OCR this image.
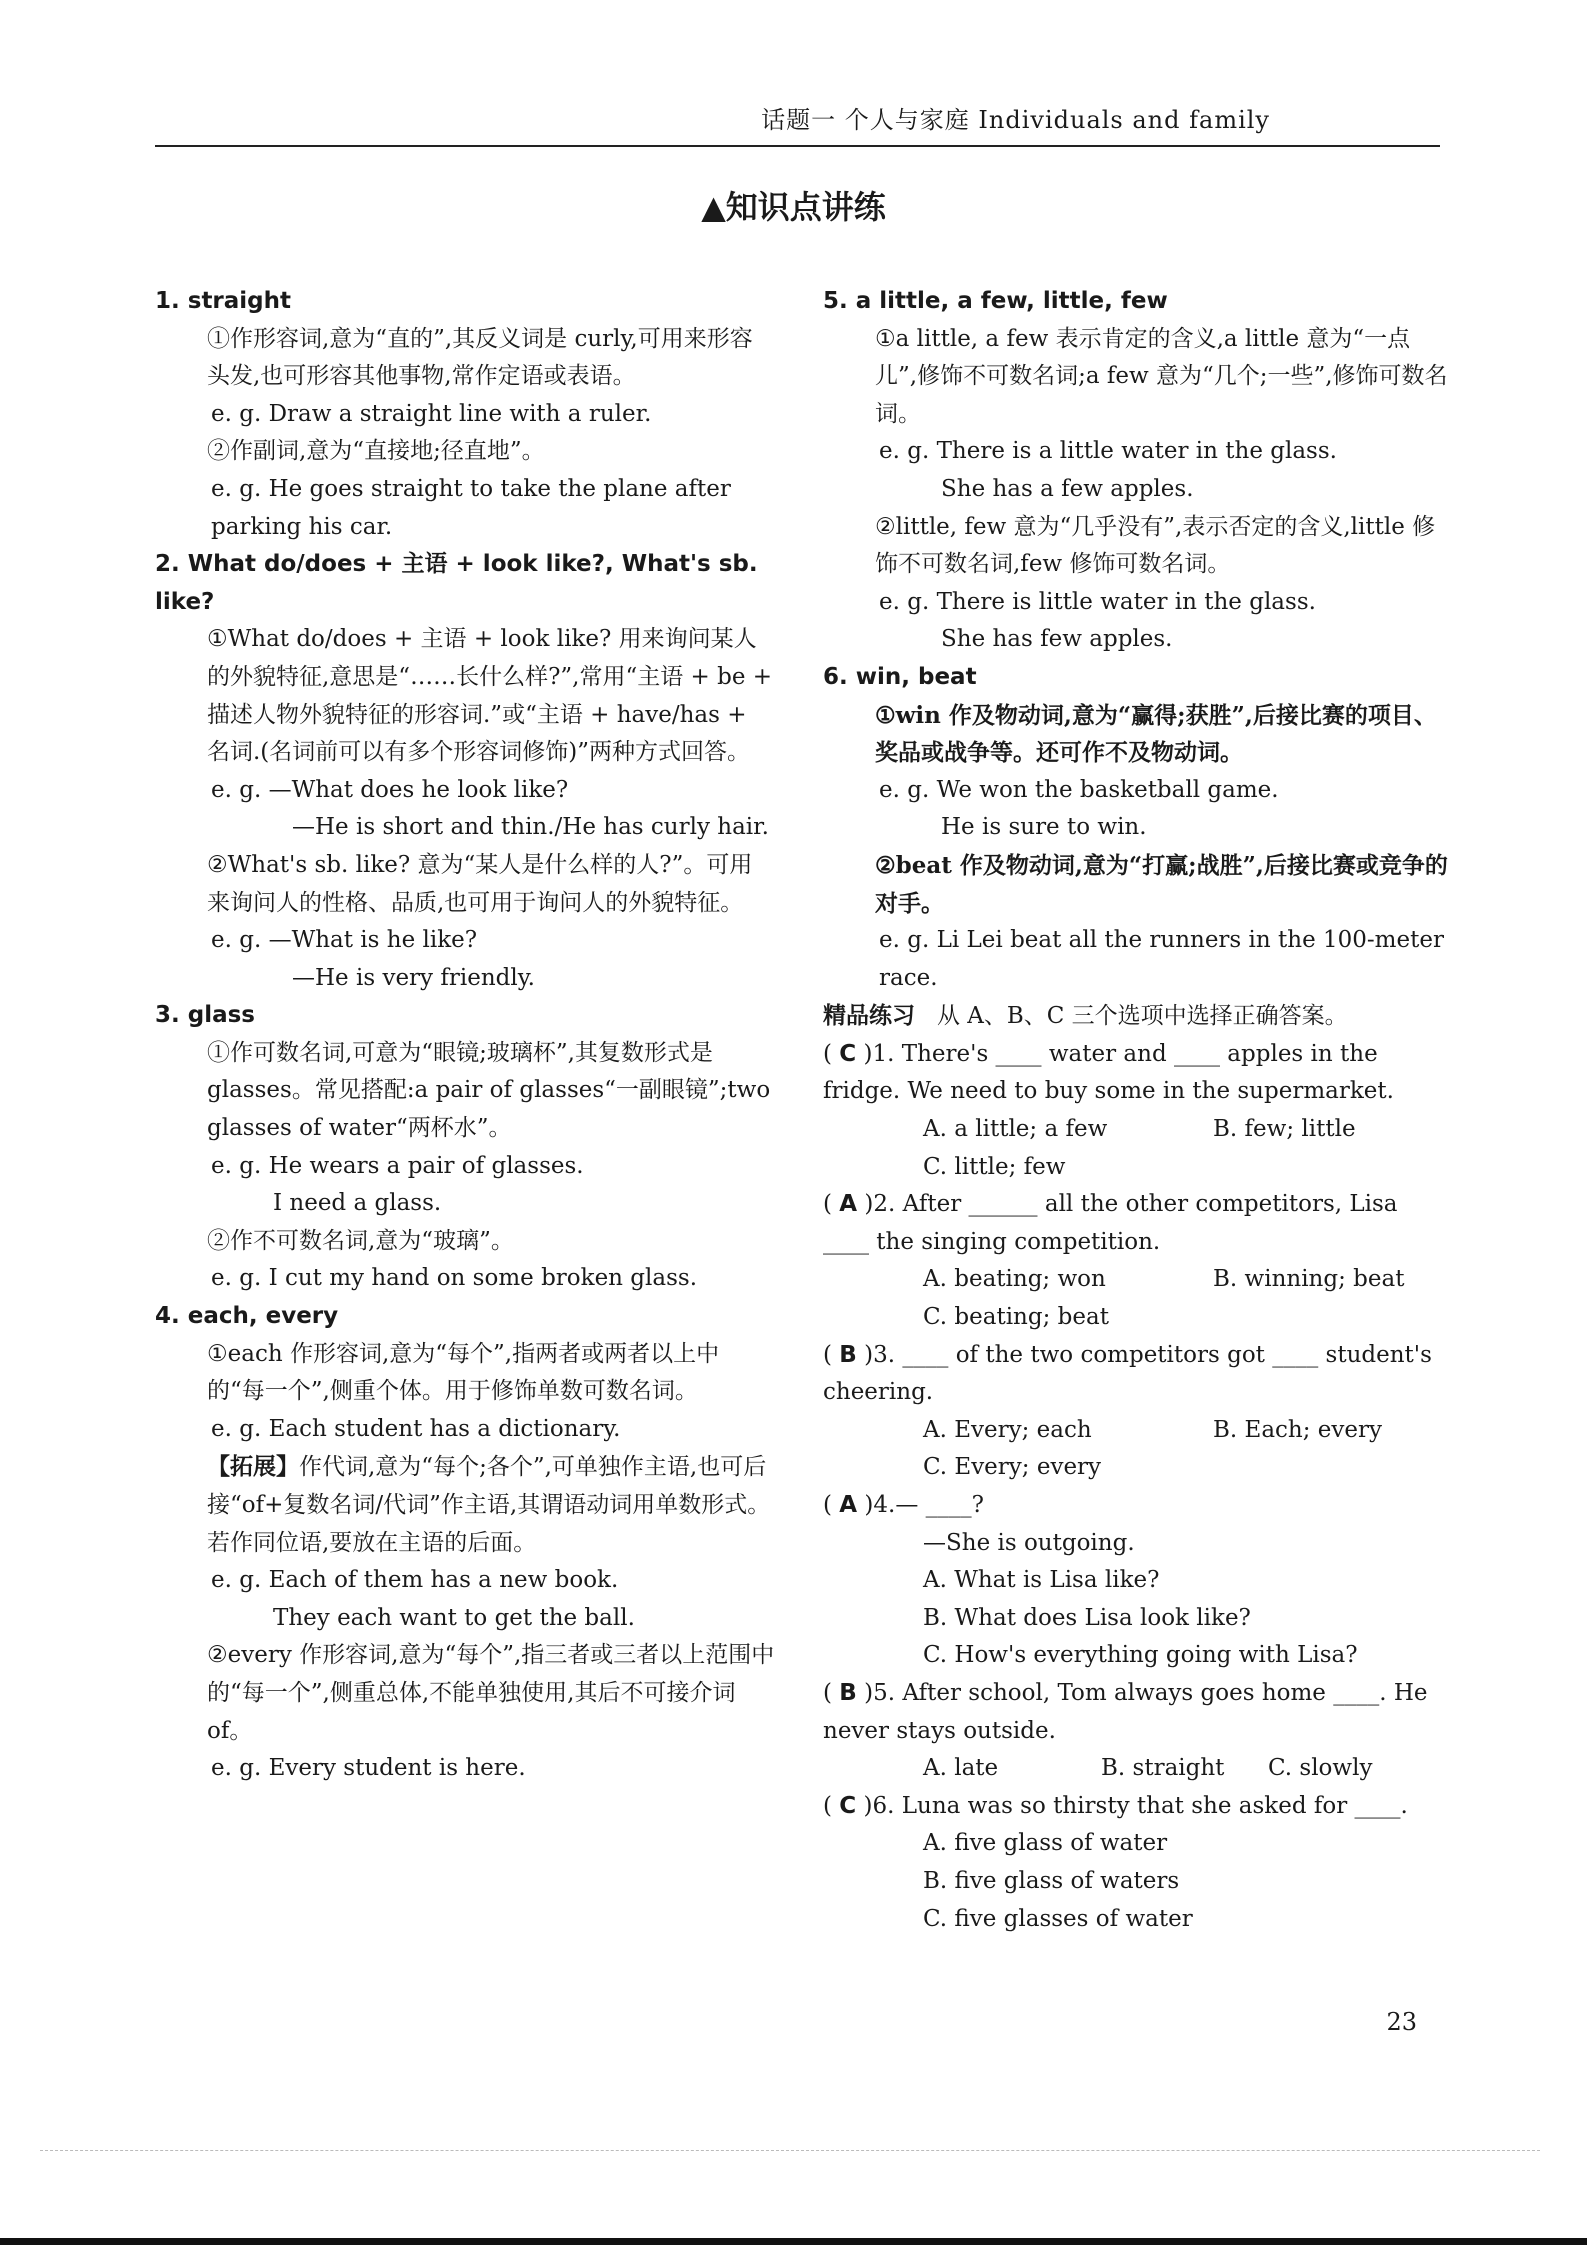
话题一 个人与家庭 Individuals and family
▲知识点讲练
1. straight
①作形容词,意为“直的”,其反义词是 curly,可用来形容头发,也可形容其他事物,常作定语或表语。
e. g. Draw a straight line with a ruler.
②作副词,意为“直接地;径直地”。
e. g. He goes straight to take the plane after parking his car.
2. What do/does + 主语 + look like?, What's sb. like?
①What do/does + 主语 + look like? 用来询问某人的外貌特征,意思是“……长什么样?”,常用“主语 + be + 描述人物外貌特征的形容词.”或“主语 + have/has + 名词.(名词前可以有多个形容词修饰)”两种方式回答。
e. g. —What does he look like?
—He is short and thin./He has curly hair.
②What's sb. like? 意为“某人是什么样的人?”。可用来询问人的性格、品质,也可用于询问人的外貌特征。
e. g. —What is he like?
—He is very friendly.
3. glass
①作可数名词,可意为“眼镜;玻璃杯”,其复数形式是 glasses。常见搭配:a pair of glasses“一副眼镜”;two glasses of water“两杯水”。
e. g. He wears a pair of glasses.
I need a glass.
②作不可数名词,意为“玻璃”。
e. g. I cut my hand on some broken glass.
4. each, every
①each 作形容词,意为“每个”,指两者或两者以上中的“每一个”,侧重个体。用于修饰单数可数名词。
e. g. Each student has a dictionary.
【拓展】作代词,意为“每个;各个”,可单独作主语,也可后接“of+复数名词/代词”作主语,其谓语动词用单数形式。若作同位语,要放在主语的后面。
e. g. Each of them has a new book.
They each want to get the ball.
②every 作形容词,意为“每个”,指三者或三者以上范围中的“每一个”,侧重总体,不能单独使用,其后不可接介词 of。
e. g. Every student is here.
5. a little, a few, little, few
①a little, a few 表示肯定的含义,a little 意为“一点儿”,修饰不可数名词;a few 意为“几个;一些”,修饰可数名词。
e. g. There is a little water in the glass.
She has a few apples.
②little, few 意为“几乎没有”,表示否定的含义,little 修饰不可数名词,few 修饰可数名词。
e. g. There is little water in the glass.
She has few apples.
6. win, beat
①win 作及物动词,意为“赢得;获胜”,后接比赛的项目、奖品或战争等。还可作不及物动词。
e. g. We won the basketball game.
He is sure to win.
②beat 作及物动词,意为“打赢;战胜”,后接比赛或竞争的对手。
e. g. Li Lei beat all the runners in the 100-meter race.
精品练习 从 A、B、C 三个选项中选择正确答案。
( C )1. There's ____ water and ____ apples in the fridge. We need to buy some in the supermarket.
A. a little; a few	B. few; little
C. little; few
( A )2. After ______ all the other competitors, Lisa ____ the singing competition.
A. beating; won	B. winning; beat
C. beating; beat
( B )3. ____ of the two competitors got ____ student's cheering.
A. Every; each	B. Each; every
C. Every; every
( A )4.— ____?
—She is outgoing.
A. What is Lisa like?
B. What does Lisa look like?
C. How's everything going with Lisa?
( B )5. After school, Tom always goes home ____. He never stays outside.
A. late	B. straight C. slowly
( C )6. Luna was so thirsty that she asked for ____.
A. five glass of water
B. five glass of waters
C. five glasses of water
23
